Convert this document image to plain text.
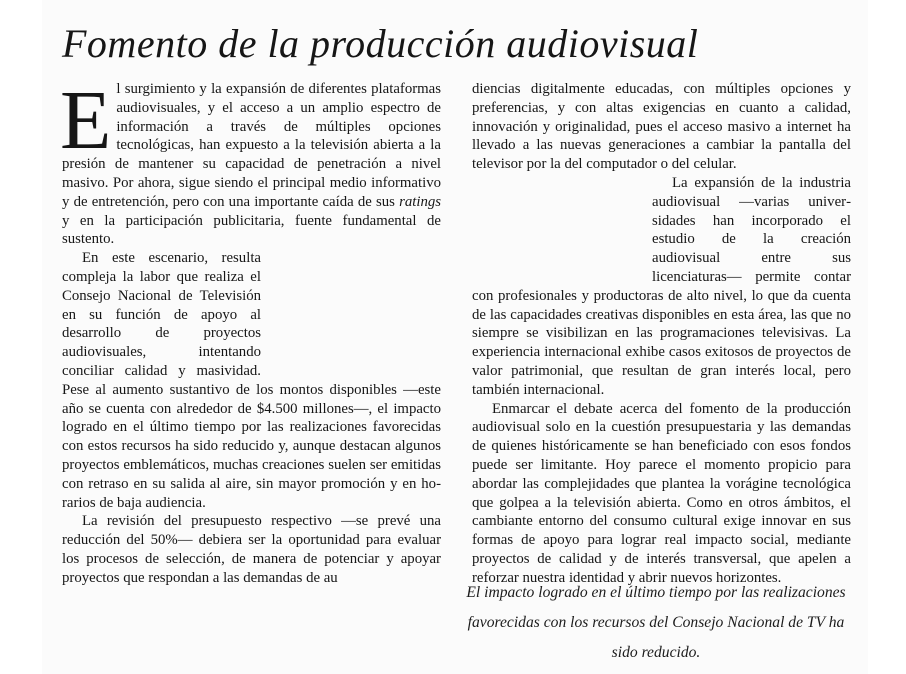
Fomento de la producción audiovisual

El surgimiento y la expansión de diferentes plataformas audiovisuales, y el acceso a un amplio espectro de información a través de múltiples opciones tecnológicas, han expuesto a la televisión abierta a la presión de mantener su capacidad de penetración a nivel masivo. Por ahora, sigue siendo el principal medio informativo y de entretención, pero con una importante caída de sus ratings y en la participación publicitaria, fuente fundamental de sustento.

En este escenario, resulta compleja la labor que realiza el Consejo Nacional de Televisión en su función de apoyo al desarrollo de proyectos audiovisuales, intentando conciliar calidad y masividad. Pese al aumento sustantivo de los montos disponibles —este año se cuenta con alrededor de $4.500 millones—, el impacto logrado en el último tiempo por las realizaciones favorecidas con estos recursos ha sido reducido y, aunque destacan algunos proyectos emblemáticos, muchas creaciones suelen ser emitidas con retraso en su salida al aire, sin mayor promoción y en horarios de baja audiencia.

La revisión del presupuesto respectivo —se prevé una reducción del 50%— debiera ser la oportunidad para evaluar los procesos de selección, de manera de potenciar y apoyar proyectos que respondan a las demandas de au

diencias digitalmente educadas, con múltiples opciones y preferencias, y con altas exigencias en cuanto a calidad, innovación y originalidad, pues el acceso masivo a internet ha llevado a las nuevas generaciones a cambiar la pantalla del televisor por la del computador o del celular.

La expansión de la industria audiovisual —varias universidades han incorporado el estudio de la creación audiovisual entre sus licenciaturas— permite contar con profesionales y productoras de alto nivel, lo que da cuenta de las capacidades creativas disponibles en esta área, las que no siempre se visibilizan en las programaciones televisivas. La experiencia internacional exhibe casos exitosos de proyectos de valor patrimonial, que resultan de gran interés local, pero también internacional.

Enmarcar el debate acerca del fomento de la producción audiovisual solo en la cuestión presupuestaria y las demandas de quienes históricamente se han beneficiado con esos fondos puede ser limitante. Hoy parece el momento propicio para abordar las complejidades que plantea la vorágine tecnológica que golpea a la televisión abierta. Como en otros ámbitos, el cambiante entorno del consumo cultural exige innovar en sus formas de apoyo para lograr real impacto social, mediante proyectos de calidad y de interés transversal, que apelen a reforzar nuestra identidad y abrir nuevos horizontes.

El impacto logrado en el último tiempo por las realizaciones favorecidas con los recursos del Consejo Nacional de TV ha sido reducido.
